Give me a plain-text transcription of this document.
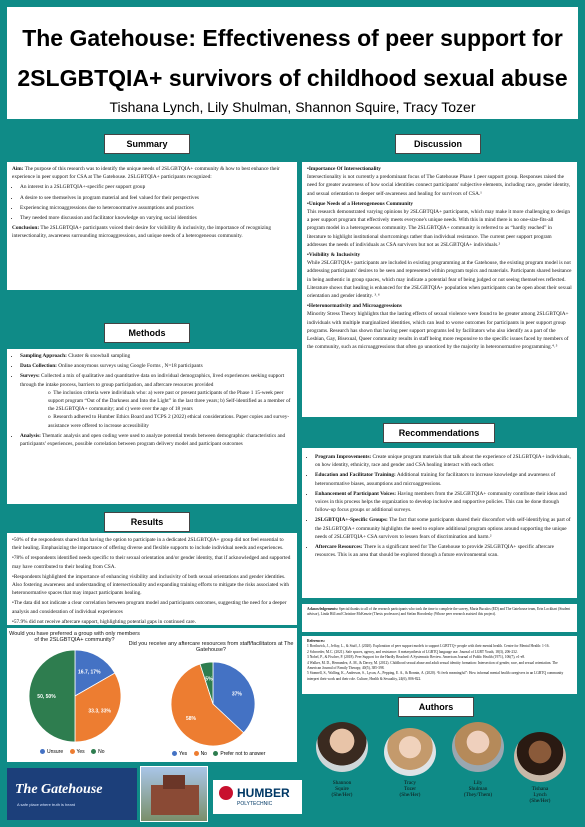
The Gatehouse: Effectiveness of peer support for
2SLGBTQIA+ survivors of childhood sexual abuse
Tishana Lynch, Lily Shulman, Shannon Squire, Tracy Tozer
Summary

Aim: The purpose of this research was to identify the unique needs of 2SLGBTQIA+ community & how to best enhance their experience in peer support for CSA at The Gatehouse. 2SLGBTQIA+ participants recognized:

• An interest in a 2SLGBTQIA+-specific peer support group
• A desire to see themselves in program material and feel valued for their perspectives
• Experiencing microaggressions due to heteronormative assumptions and practices
• They needed more discussion and facilitator knowledge on varying social identities

Conclusion: The 2SLGBTQIA+ participants voiced their desire for visibility & inclusivity, the importance of recognizing intersectionality, awareness surrounding microaggressions, and unique needs of a heterogeneous community.

Methods
• Sampling Approach: Cluster & snowball sampling
• Data Collection: Online anonymous surveys using Google Forms , N=18 participants
• Surveys: Collected a mix of qualitative and quantitative data on individual demographics, lived experiences seeking support through the intake process, barriers to group participation, and aftercare resources provided
o  The inclusion criteria were individuals who: a) were past or present participants of the Phase 1 15-week peer support program “Out of the Darkness and Into the Light” in the last three years; b) Self-identified as a member of the 2SLGBTQIA+ community; and c) were over the age of 18 years
o  Research adhered to Humber Ethics Board and TCPS 2 (2022) ethical considerations. Paper copies and survey-assistance were offered to increase accessibility
• Analysis: Thematic analysis and open coding were used to analyze potential trends between demographic characteristics and participants’ experiences, possible correlation between program delivery model and participant outcomes
Results

•50% of the respondents shared that having the option to participate in a dedicated 2SLGBTQIA+ group did not feel essential to their healing. Emphasizing the importance of offering diverse and flexible supports to include individual needs and experiences.

•78% of respondents identified needs specific to their sexual orientation and/or gender identity, that if acknowledged and supported may have contributed to their healing from CSA.

•Respondents highlighted the importance of enhancing visibility and inclusivity of both sexual orientations and gender identities. Also fostering awareness and understanding of intersectionality and expanding training efforts to mitigate the risks associated with heteronormative spaces that may impact participants healing.

•The data did not indicate a clear correlation between program model and participants outcomes, suggesting the need for a deeper analysis and consideration of individual experiences

•57.9% did not receive aftercare support, highlighting potential gaps in continued care.

Would you have preferred a group with only members of the 2SLGBTQIA+ community?
Did you receive any aftercare resources from staff/facilitators at The Gatehouse?
16.7, 17%
33.3, 33%
50, 50%	37%
58%
5%
Unsure	Yes	No	Yes	No	Prefer not to answer
The Gatehouse
A safe place where truth is heard
HUMBER
POLYTECHNIC
Discussion

•Importance Of Intersectionality
Intersectionality is not currently a predominant focus of The Gatehouse Phase 1 peer support group. Responses raised the need for greater awareness of how social identities connect participants' subjective elements, including race, gender identity, and sexual orientation to deeper self-awareness and healing for survivors of CSA.¹

•Unique Needs of a Heterogeneous Community
This research demonstrated varying opinions by 2SLGBTQIA+ participants, which may make it more challenging to design a peer support program that effectively meets everyone's unique needs. With this in mind there is no one-size-fits-all program model in a heterogeneous community. The 2SLGBTQIA+ community is referred to as “hardly reached” in literature to highlight institutional shortcomings rather than individual resistance. The current peer support program addresses the needs of individuals as CSA survivors but not as 2SLGBTQIA+ individuals.²

•Visibility & Inclusivity
While 2SLGBTQIA+ participants are included in existing programming at the Gatehouse, the existing program model is not addressing participants' desires to be seen and represented within program topics and materials. Participants shared hesitance in being authentic in group spaces, which may indicate a potential fear of being judged or not seeing themselves reflected. Literature shows that healing is enhanced for the 2SLGBTQIA+ population when participants can be open about their sexual orientation and gender identity. ³˒⁶

•Heteronormativity and Microaggressions
Minority Stress Theory highlights that the lasting effects of sexual violence were found to be greater among 2SLGBTQIA+ individuals with multiple marginalized identities, which can lead to worse outcomes for participants in peer support group programs. Research has shown that having peer support programs led by facilitators who also identify as a part of the Lesbian, Gay, Bisexual, Queer community results in staff being more responsive to the specific issues faced by members of the community, such as microaggressions that often go unnoticed by the majority in heteronormative programming.⁴˒⁵

Recommendations
• Program Improvements: Create unique program materials that talk about the experience of 2SLGBTQIA+ individuals, on how identity, ethnicity, race and gender and CSA healing interact with each other.
• Education and Facilitator Training: Additional training for facilitators to increase knowledge and awareness of heteronormative biases, assumptions and microaggressions.
• Enhancement of Participant Voices: Having members from the 2SLGBTQIA+ community contribute their ideas and voices in this process helps the organization to develop inclusive and supportive policies. This can be done through follow-up focus groups or additional surveys.
• 2SLGBTQIA+-Specific Groups: The fact that some participants shared their discomfort with self-identifying as part of the 2SLGBTQIA+ community highlights the need to explore additional program options around supporting the unique needs of 2SLGBTQIA+ CSA survivors to lessen fears of discrimination and harm.²
• Aftercare Resources: There is a significant need for The Gatehouse to provide 2SLGBTQIA+ specific aftercare resources. This is an area that should be explored through a future environmental scan.
Acknowledgements: Special thanks to all of the research participants who took the time to complete the survey, Maria Bucalos (ED) and The Gatehouse team, Erin Lockhart (Student advisor), Linda Hill and Christine McKenzie (Thesis professors) and Stefan Horodezky (Whose peer research assisted this project).
References:
1 Borthwick, J., Jeffay, L., & Stuff, J. (2020). Exploration of peer support models to support LGBTTQ+ people with their mental health. Centre for Mental Health: 1-16.
2 Schroeder, M.C. (2021). Safe spaces, agency, and resistance: A metasynthesis of LGBTQ language use. Journal of LGBT Youth, 18(3), 206-232.
3 Nobel, P., & Fischer, P. (2018). Peer Support for the Hardly Reached: A Systematic Review. American Journal of Public Health (1971), 106(7), e1-e8.
4 Walker, M. D., Hernandez, A. M., & Davey, M. (2012). Childhood sexual abuse and adult sexual identity formation: Intersection of gender, race, and sexual orientation. The American Journal of Family Therapy, 40(5), 385-398.
5 Stonnell, S., Walling, K., Anderson, S., Lycan, A., Pepping, E. A., & Bonnin, A. (2020). “It feels meaningful”: How informal mental health caregivers in an LGBTQ community interpret their work and their role. Culture, Health & Sexuality, 24(6), 806-822.
Authors
Shannon
Squire
(She/Her)
Tracy
Tozer
(She/Her)
Lily
Shulman
(They/Them)
Tishana
Lynch
(She/Her)
